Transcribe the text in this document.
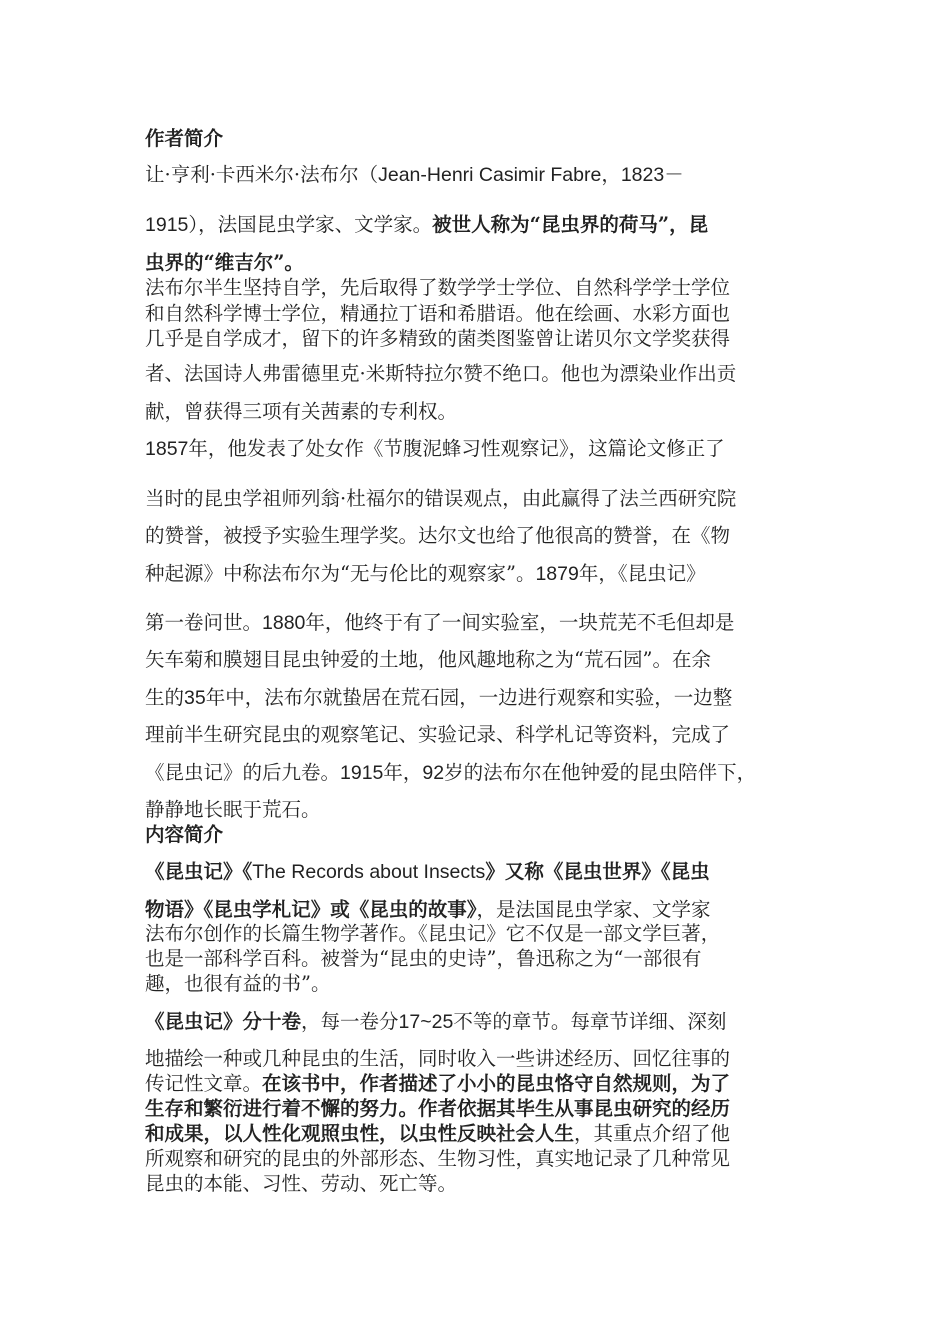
作者简介

让·亨利·卡西米尔·法布尔（Jean-Henri Casimir Fabre，1823－

1915），法国昆虫学家、文学家。被世人称为“昆虫界的荷马”，昆

虫界的“维吉尔”。

法布尔半生坚持自学，先后取得了数学学士学位、自然科学学士学位

和自然科学博士学位，精通拉丁语和希腊语。他在绘画、水彩方面也

几乎是自学成才，留下的许多精致的菌类图鉴曾让诺贝尔文学奖获得

者、法国诗人弗雷德里克·米斯特拉尔赞不绝口。他也为漂染业作出贡

献，曾获得三项有关茜素的专利权。

1857年，他发表了处女作《节腹泥蜂习性观察记》，这篇论文修正了

当时的昆虫学祖师列翁·杜福尔的错误观点，由此赢得了法兰西研究院

的赞誉，被授予实验生理学奖。达尔文也给了他很高的赞誉，在《物

种起源》中称法布尔为“无与伦比的观察家”。1879年，《昆虫记》

第一卷问世。1880年，他终于有了一间实验室，一块荒芜不毛但却是

矢车菊和膜翅目昆虫钟爱的土地，他风趣地称之为“荒石园”。在余

生的35年中，法布尔就蛰居在荒石园，一边进行观察和实验，一边整

理前半生研究昆虫的观察笔记、实验记录、科学札记等资料，完成了

《昆虫记》的后九卷。1915年，92岁的法布尔在他钟爱的昆虫陪伴下，

静静地长眠于荒石。

内容简介

《昆虫记》《The Records about Insects》又称《昆虫世界》《昆虫

物语》《昆虫学札记》或《昆虫的故事》，是法国昆虫学家、文学家

法布尔创作的长篇生物学著作。《昆虫记》它不仅是一部文学巨著，

也是一部科学百科。被誉为“昆虫的史诗”，鲁迅称之为“一部很有

趣，也很有益的书”。

《昆虫记》分十卷，每一卷分17~25不等的章节。每章节详细、深刻

地描绘一种或几种昆虫的生活，同时收入一些讲述经历、回忆往事的

传记性文章。在该书中，作者描述了小小的昆虫恪守自然规则，为了

生存和繁衍进行着不懈的努力。作者依据其毕生从事昆虫研究的经历

和成果，以人性化观照虫性，以虫性反映社会人生，其重点介绍了他

所观察和研究的昆虫的外部形态、生物习性，真实地记录了几种常见

昆虫的本能、习性、劳动、死亡等。
